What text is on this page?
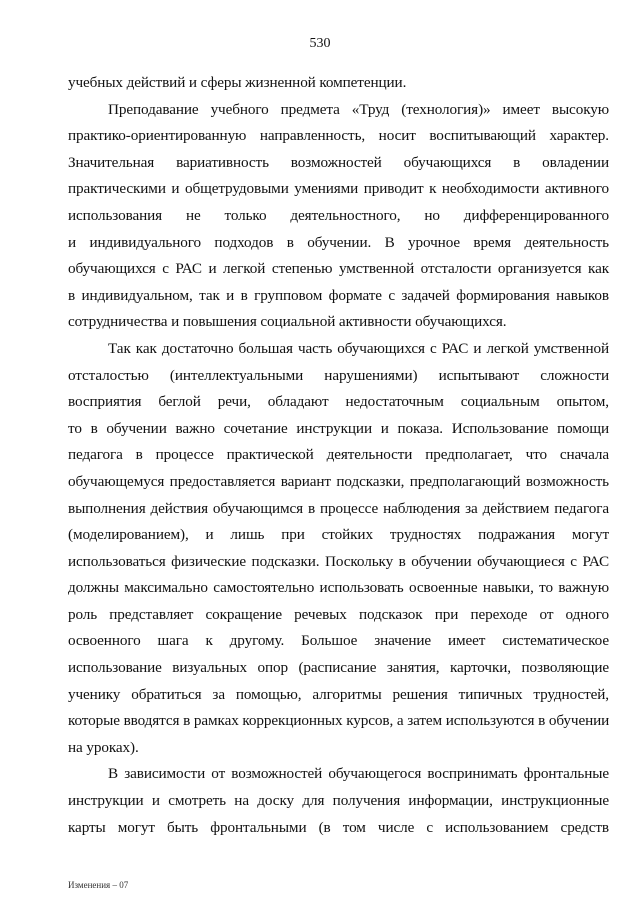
530
учебных действий и сферы жизненной компетенции.
Преподавание учебного предмета «Труд (технология)» имеет высокую
практико-ориентированную направленность, носит воспитывающий характер.
Значительная вариативность возможностей обучающихся в овладении
практическими и общетрудовыми умениями приводит к необходимости активного
использования не только деятельностного, но дифференцированного
и индивидуального подходов в обучении. В урочное время деятельность
обучающихся с РАС и легкой степенью умственной отсталости организуется как
в индивидуальном, так и в групповом формате с задачей формирования навыков
сотрудничества и повышения социальной активности обучающихся.
Так как достаточно большая часть обучающихся с РАС и легкой умственной
отсталостью (интеллектуальными нарушениями) испытывают сложности
восприятия беглой речи, обладают недостаточным социальным опытом,
то в обучении важно сочетание инструкции и показа. Использование помощи
педагога в процессе практической деятельности предполагает, что сначала
обучающемуся предоставляется вариант подсказки, предполагающий возможность
выполнения действия обучающимся в процессе наблюдения за действием педагога
(моделированием), и лишь при стойких трудностях подражания могут
использоваться физические подсказки. Поскольку в обучении обучающиеся с РАС
должны максимально самостоятельно использовать освоенные навыки, то важную
роль представляет сокращение речевых подсказок при переходе от одного
освоенного шага к другому. Большое значение имеет систематическое
использование визуальных опор (расписание занятия, карточки, позволяющие
ученику обратиться за помощью, алгоритмы решения типичных трудностей,
которые вводятся в рамках коррекционных курсов, а затем используются в обучении
на уроках).
В зависимости от возможностей обучающегося воспринимать фронтальные
инструкции и смотреть на доску для получения информации, инструкционные
карты могут быть фронтальными (в том числе с использованием средств
Изменения – 07
